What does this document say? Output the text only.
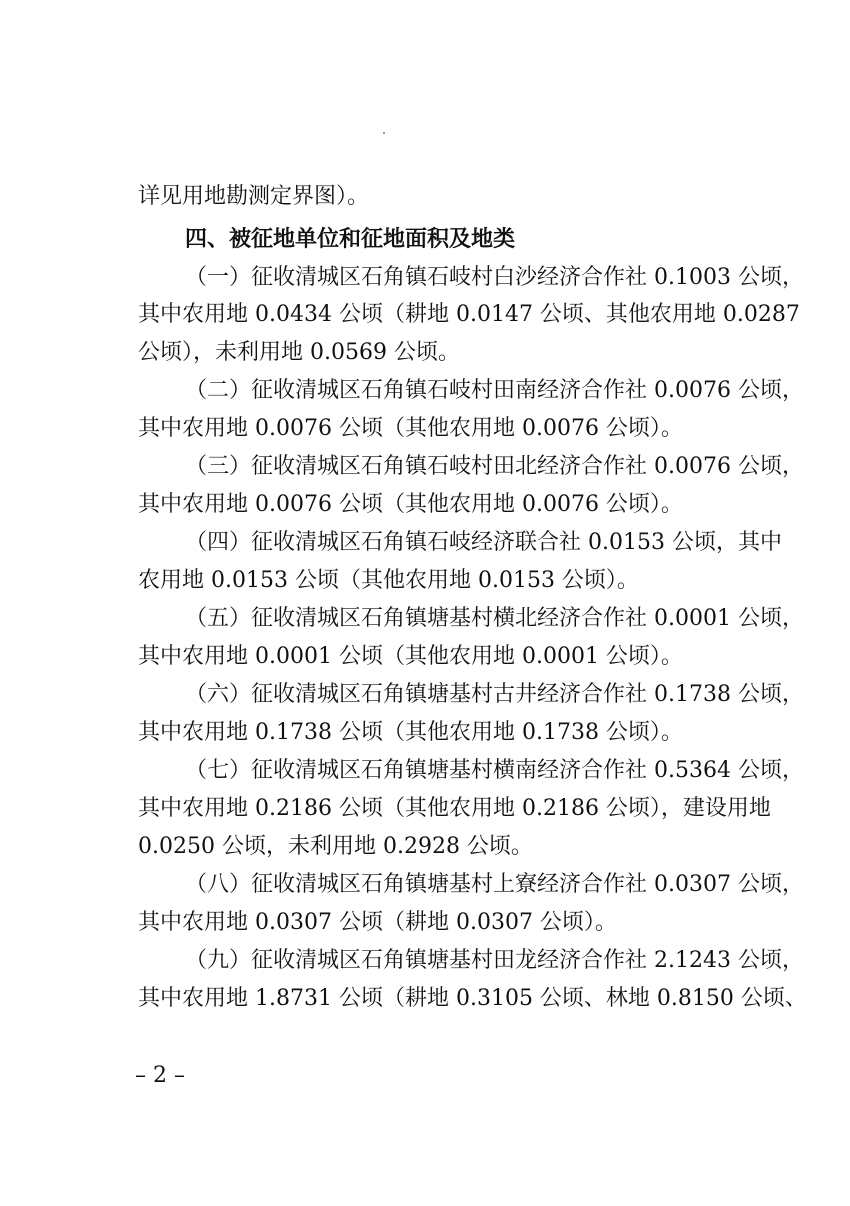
详见用地勘测定界图）。
四、被征地单位和征地面积及地类
（一）征收清城区石角镇石岐村白沙经济合作社 0.1003 公顷，
其中农用地 0.0434 公顷（耕地 0.0147 公顷、其他农用地 0.0287
公顷），未利用地 0.0569 公顷。
（二）征收清城区石角镇石岐村田南经济合作社 0.0076 公顷，
其中农用地 0.0076 公顷（其他农用地 0.0076 公顷）。
（三）征收清城区石角镇石岐村田北经济合作社 0.0076 公顷，
其中农用地 0.0076 公顷（其他农用地 0.0076 公顷）。
（四）征收清城区石角镇石岐经济联合社 0.0153 公顷，其中
农用地 0.0153 公顷（其他农用地 0.0153 公顷）。
（五）征收清城区石角镇塘基村横北经济合作社 0.0001 公顷，
其中农用地 0.0001 公顷（其他农用地 0.0001 公顷）。
（六）征收清城区石角镇塘基村古井经济合作社 0.1738 公顷，
其中农用地 0.1738 公顷（其他农用地 0.1738 公顷）。
（七）征收清城区石角镇塘基村横南经济合作社 0.5364 公顷，
其中农用地 0.2186 公顷（其他农用地 0.2186 公顷），建设用地
0.0250 公顷，未利用地 0.2928 公顷。
（八）征收清城区石角镇塘基村上寮经济合作社 0.0307 公顷，
其中农用地 0.0307 公顷（耕地 0.0307 公顷）。
（九）征收清城区石角镇塘基村田龙经济合作社 2.1243 公顷，
其中农用地 1.8731 公顷（耕地 0.3105 公顷、林地 0.8150 公顷、
– 2 –
